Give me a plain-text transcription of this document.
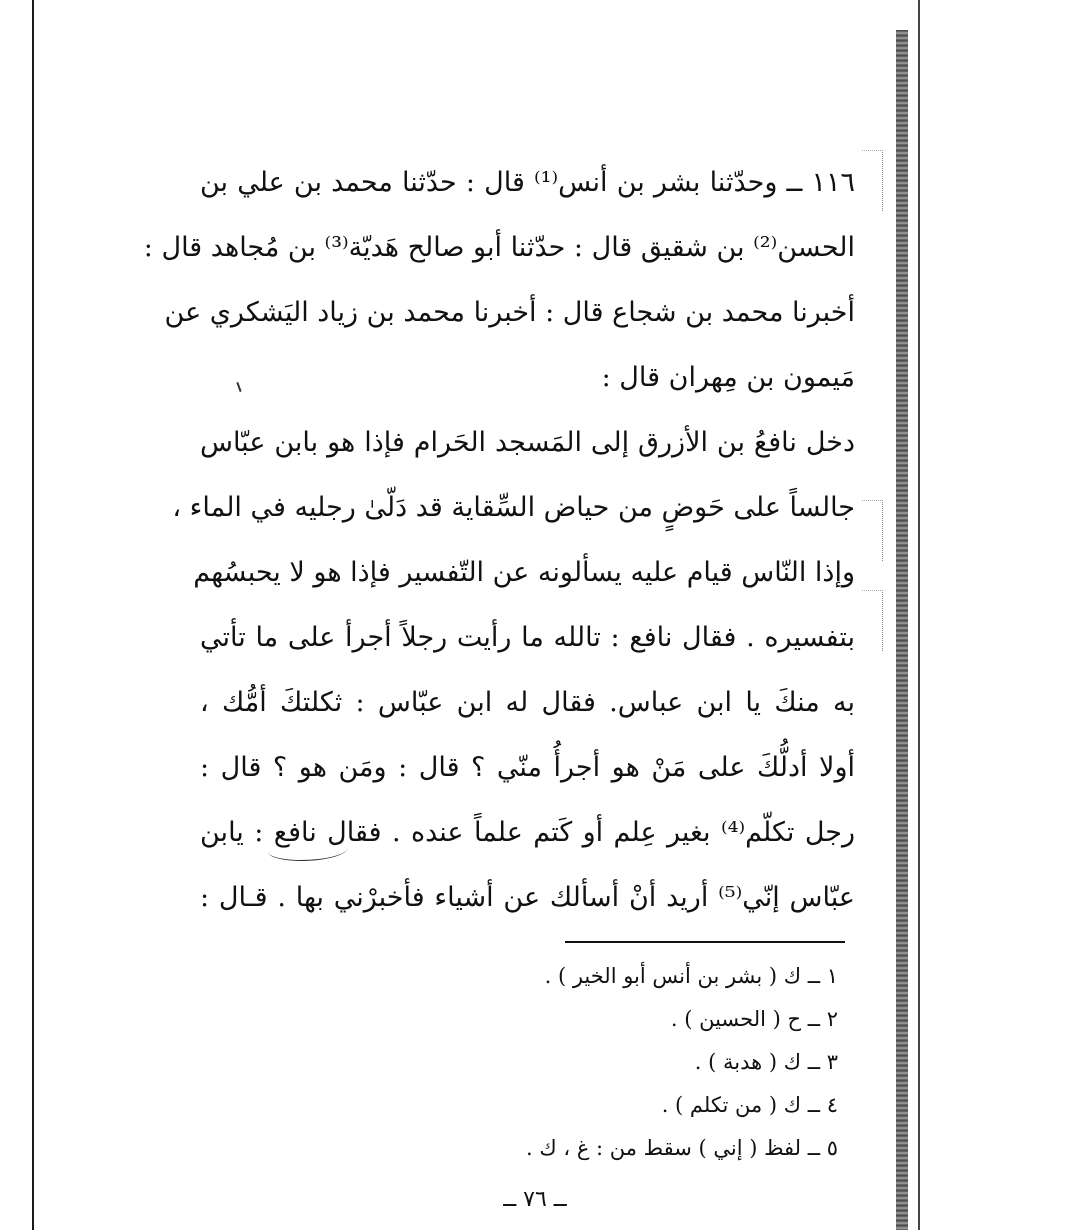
١١٦ ــ وحدّثنا بشر بن أنس⁽¹⁾ قال : حدّثنا محمد بن علي بن
الحسن⁽²⁾ بن شقيق قال : حدّثنا أبو صالح هَديّة⁽³⁾ بن مُجاهد قال :
أخبرنا محمد بن شجاع قال : أخبرنا محمد بن زياد اليَشكري عن
مَيمون بن مِهران قال :
دخل نافعُ بن الأزرق إلى المَسجد الحَرام فإذا هو بابن عبّاس
جالساً على حَوضٍ من حياض السِّقاية قد دَلّىٰ رجليه في الماء ،
وإذا النّاس قيام عليه يسألونه عن التّفسير فإذا هو لا يحبسُهم
بتفسيره . فقال نافع : تالله ما رأيت رجلاً أجرأ على ما تأتي
به منكَ يا ابن عباس. فقال له ابن عبّاس : ثكلتكَ أمُّك ،
أولا أدلُّكَ على مَنْ هو أجرأُ منّي ؟ قال : ومَن هو ؟ قال :
رجل تكلّم⁽⁴⁾ بغير عِلم أو كَتم علماً عنده . فقال نافع : يابن
عبّاس إنّي⁽⁵⁾ أريد أنْ أسألك عن أشياء فأخبرْني بها . قـال :
١ ــ ك ( بشر بن أنس أبو الخير ) .
٢ ــ ح ( الحسين ) .
٣ ــ ك ( هدبة ) .
٤ ــ ك ( من تكلم ) .
٥ ــ لفظ ( إني ) سقط من : غ ، ك .
ــ ٧٦ ــ
